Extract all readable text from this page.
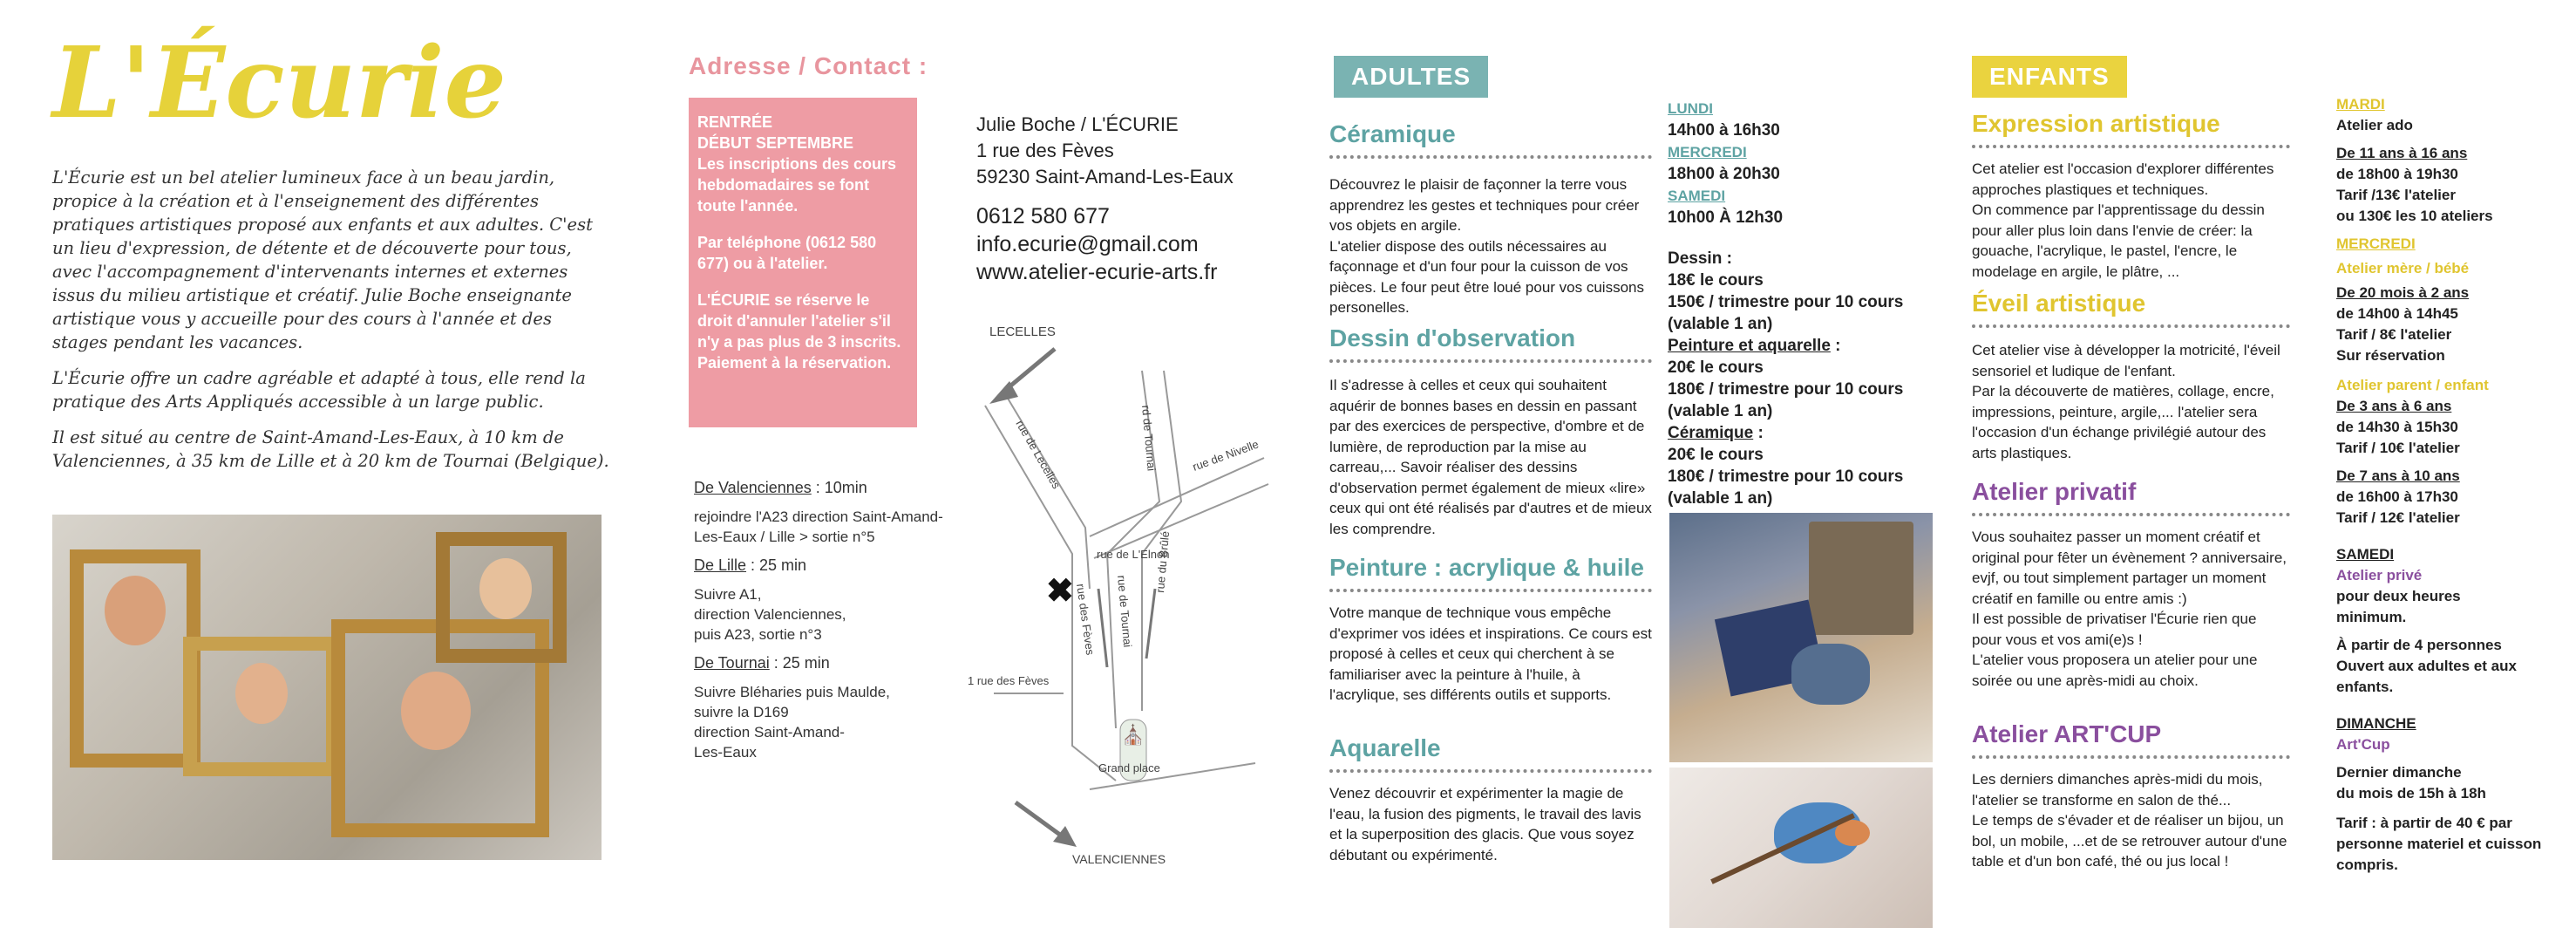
L'Écurie

L'Écurie est un bel atelier lumineux face à un beau jardin, propice à la création et à l'enseignement des différentes pratiques artistiques proposé aux enfants et aux adultes. C'est un lieu d'expression, de détente et de découverte pour tous, avec l'accompagnement d'intervenants internes et externes issus du milieu artistique et créatif. Julie Boche enseignante artistique vous y accueille pour des cours à l'année et des stages pendant les vacances.

L'Écurie offre un cadre agréable et adapté à tous, elle rend la pratique des Arts Appliqués accessible à un large public.

Il est situé au centre de Saint-Amand-Les-Eaux, à 10 km de Valenciennes, à 35 km de Lille et à 20 km de Tournai (Belgique).

Adresse / Contact :

RENTRÉE
DÉBUT SEPTEMBRE
Les inscriptions des cours hebdomadaires se font toute l'année.

Par teléphone (0612 580 677) ou à l'atelier.

L'ÉCURIE se réserve le droit d'annuler l'atelier s'il n'y a pas plus de 3 inscrits.
Paiement à la réservation.

Julie Boche / L'ÉCURIE
1 rue des Fèves
59230 Saint-Amand-Les-Eaux
0612 580 677
info.ecurie@gmail.com
www.atelier-ecurie-arts.fr

De Valenciennes : 10min

rejoindre l'A23 direction Saint-Amand-Les-Eaux / Lille > sortie n°5

De Lille : 25 min

Suivre A1,
direction Valenciennes,
puis A23, sortie n°3

De Tournai : 25 min

Suivre Bléharies puis Maulde,
suivre la D169
direction Saint-Amand-
Les-Eaux

✖
⛪
LECELLES
rue de Lecelles	rd de Tournai	rue de Nivelle
rue de L'Elnon
rue des Fèves rue de Tournai
rue du Brûlé
1 rue des Fèves
Grand place
VALENCIENNES
ADULTES
Céramique
Découvrez le plaisir de façonner la terre vous apprendrez les gestes et techniques pour créer vos objets en argile.
L'atelier dispose des outils nécessaires au façonnage et d'un four pour la cuisson de vos pièces. Le four peut être loué pour vos cuissons personelles.
Dessin d'observation
Il s'adresse à celles et ceux qui souhaitent aquérir de bonnes bases en dessin en passant par des exercices de perspective, d'ombre et de lumière, de reproduction par la mise au carreau,... Savoir réaliser des dessins d'observation permet également de mieux «lire» ceux qui ont été réalisés par d'autres et de mieux les comprendre.
Peinture : acrylique & huile
Votre manque de technique vous empêche d'exprimer vos idées et inspirations. Ce cours est proposé à celles et ceux qui cherchent à se familiariser avec la peinture à l'huile, à l'acrylique, ses différents outils et supports.
Aquarelle
Venez découvrir et expérimenter la magie de l'eau, la fusion des pigments, le travail des lavis et la superposition des glacis. Que vous soyez débutant ou expérimenté.
LUNDI
14h00 à 16h30
MERCREDI
18h00 à 20h30
SAMEDI
10h00 À 12h30
Dessin :
18€ le cours
150€ / trimestre pour 10 cours
(valable 1 an)
Peinture et aquarelle :
20€ le cours
180€ / trimestre pour 10 cours
(valable 1 an)
Céramique :
20€ le cours
180€ / trimestre pour 10 cours
(valable 1 an)
ENFANTS
Expression artistique
Cet atelier est l'occasion d'explorer différentes approches plastiques et techniques.
On commence par l'apprentissage du dessin pour aller plus loin dans l'envie de créer: la gouache, l'acrylique, le pastel, l'encre, le modelage en argile, le plâtre, ...
Éveil artistique
Cet atelier vise à développer la motricité, l'éveil sensoriel et ludique de l'enfant.
Par la découverte de matières, collage, encre, impressions, peinture, argile,... l'atelier sera l'occasion d'un échange privilégié autour des arts plastiques.
Atelier privatif
Vous souhaitez passer un moment créatif et original pour fêter un évènement ? anniversaire, evjf, ou tout simplement partager un moment créatif en famille ou entre amis :)
Il est possible de privatiser l'Écurie rien que pour vous et vos ami(e)s !
L'atelier vous proposera un atelier pour une soirée ou une après-midi au choix.
Atelier ART'CUP
Les derniers dimanches après-midi du mois, l'atelier se transforme en salon de thé...
Le temps de s'évader et de réaliser un bijou, un bol, un mobile, ...et de se retrouver autour d'une table et d'un bon café, thé ou jus local !
MARDI
Atelier ado
De 11 ans à 16 ans
de 18h00 à 19h30
Tarif /13€ l'atelier
ou 130€ les 10 ateliers
MERCREDI
Atelier mère / bébé
De 20 mois à 2 ans
de 14h00 à 14h45
Tarif / 8€ l'atelier
Sur réservation
Atelier parent / enfant
De 3 ans à 6 ans
de 14h30 à 15h30
Tarif / 10€ l'atelier
De 7 ans à 10 ans
de 16h00 à 17h30
Tarif / 12€ l'atelier
SAMEDI
Atelier privé
pour deux heures
minimum.
À partir de 4 personnes
Ouvert aux adultes et aux enfants.
DIMANCHE
Art'Cup
Dernier dimanche
du mois de 15h à 18h
Tarif : à partir de 40 € par personne materiel et cuisson compris.
